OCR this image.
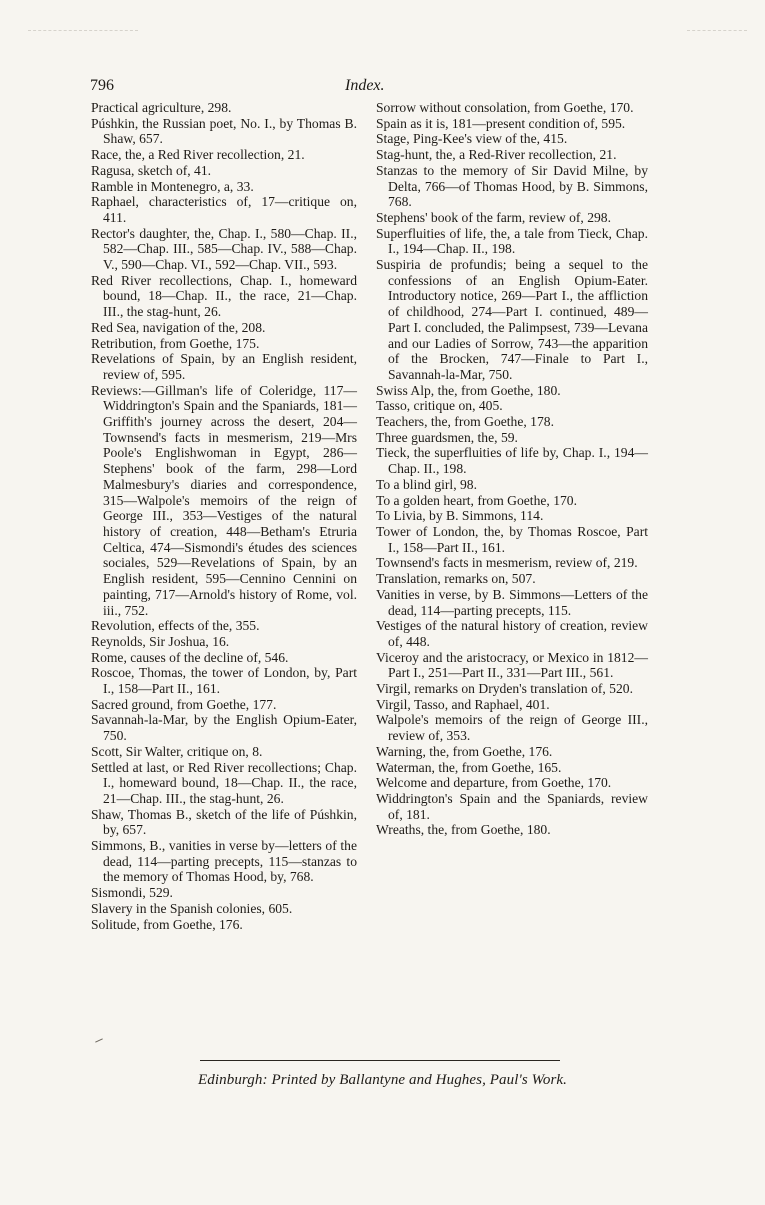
796	Index.
Practical agriculture, 298.
Púshkin, the Russian poet, No. I., by Thomas B. Shaw, 657.
Race, the, a Red River recollection, 21.
Ragusa, sketch of, 41.
Ramble in Montenegro, a, 33.
Raphael, characteristics of, 17—critique on, 411.
Rector's daughter, the, Chap. I., 580—Chap. II., 582—Chap. III., 585—Chap. IV., 588—Chap. V., 590—Chap. VI., 592—Chap. VII., 593.
Red River recollections, Chap. I., homeward bound, 18—Chap. II., the race, 21—Chap. III., the stag-hunt, 26.
Red Sea, navigation of the, 208.
Retribution, from Goethe, 175.
Revelations of Spain, by an English resident, review of, 595.
Reviews:—Gillman's life of Coleridge, 117—Widdrington's Spain and the Spaniards, 181—Griffith's journey across the desert, 204—Townsend's facts in mesmerism, 219—Mrs Poole's Englishwoman in Egypt, 286—Stephens' book of the farm, 298—Lord Malmesbury's diaries and correspondence, 315—Walpole's memoirs of the reign of George III., 353—Vestiges of the natural history of creation, 448—Betham's Etruria Celtica, 474—Sismondi's études des sciences sociales, 529—Revelations of Spain, by an English resident, 595—Cennino Cennini on painting, 717—Arnold's history of Rome, vol. iii., 752.
Revolution, effects of the, 355.
Reynolds, Sir Joshua, 16.
Rome, causes of the decline of, 546.
Roscoe, Thomas, the tower of London, by, Part I., 158—Part II., 161.
Sacred ground, from Goethe, 177.
Savannah-la-Mar, by the English Opium-Eater, 750.
Scott, Sir Walter, critique on, 8.
Settled at last, or Red River recollections; Chap. I., homeward bound, 18—Chap. II., the race, 21—Chap. III., the stag-hunt, 26.
Shaw, Thomas B., sketch of the life of Púshkin, by, 657.
Simmons, B., vanities in verse by—letters of the dead, 114—parting precepts, 115—stanzas to the memory of Thomas Hood, by, 768.
Sismondi, 529.
Slavery in the Spanish colonies, 605.
Solitude, from Goethe, 176.
Sorrow without consolation, from Goethe, 170.
Spain as it is, 181—present condition of, 595.
Stage, Ping-Kee's view of the, 415.
Stag-hunt, the, a Red-River recollection, 21.
Stanzas to the memory of Sir David Milne, by Delta, 766—of Thomas Hood, by B. Simmons, 768.
Stephens' book of the farm, review of, 298.
Superfluities of life, the, a tale from Tieck, Chap. I., 194—Chap. II., 198.
Suspiria de profundis; being a sequel to the confessions of an English Opium-Eater. Introductory notice, 269—Part I., the affliction of childhood, 274—Part I. continued, 489—Part I. concluded, the Palimpsest, 739—Levana and our Ladies of Sorrow, 743—the apparition of the Brocken, 747—Finale to Part I., Savannah-la-Mar, 750.
Swiss Alp, the, from Goethe, 180.
Tasso, critique on, 405.
Teachers, the, from Goethe, 178.
Three guardsmen, the, 59.
Tieck, the superfluities of life by, Chap. I., 194—Chap. II., 198.
To a blind girl, 98.
To a golden heart, from Goethe, 170.
To Livia, by B. Simmons, 114.
Tower of London, the, by Thomas Roscoe, Part I., 158—Part II., 161.
Townsend's facts in mesmerism, review of, 219.
Translation, remarks on, 507.
Vanities in verse, by B. Simmons—Letters of the dead, 114—parting precepts, 115.
Vestiges of the natural history of creation, review of, 448.
Viceroy and the aristocracy, or Mexico in 1812—Part I., 251—Part II., 331—Part III., 561.
Virgil, remarks on Dryden's translation of, 520.
Virgil, Tasso, and Raphael, 401.
Walpole's memoirs of the reign of George III., review of, 353.
Warning, the, from Goethe, 176.
Waterman, the, from Goethe, 165.
Welcome and departure, from Goethe, 170.
Widdrington's Spain and the Spaniards, review of, 181.
Wreaths, the, from Goethe, 180.
Edinburgh: Printed by Ballantyne and Hughes, Paul's Work.
